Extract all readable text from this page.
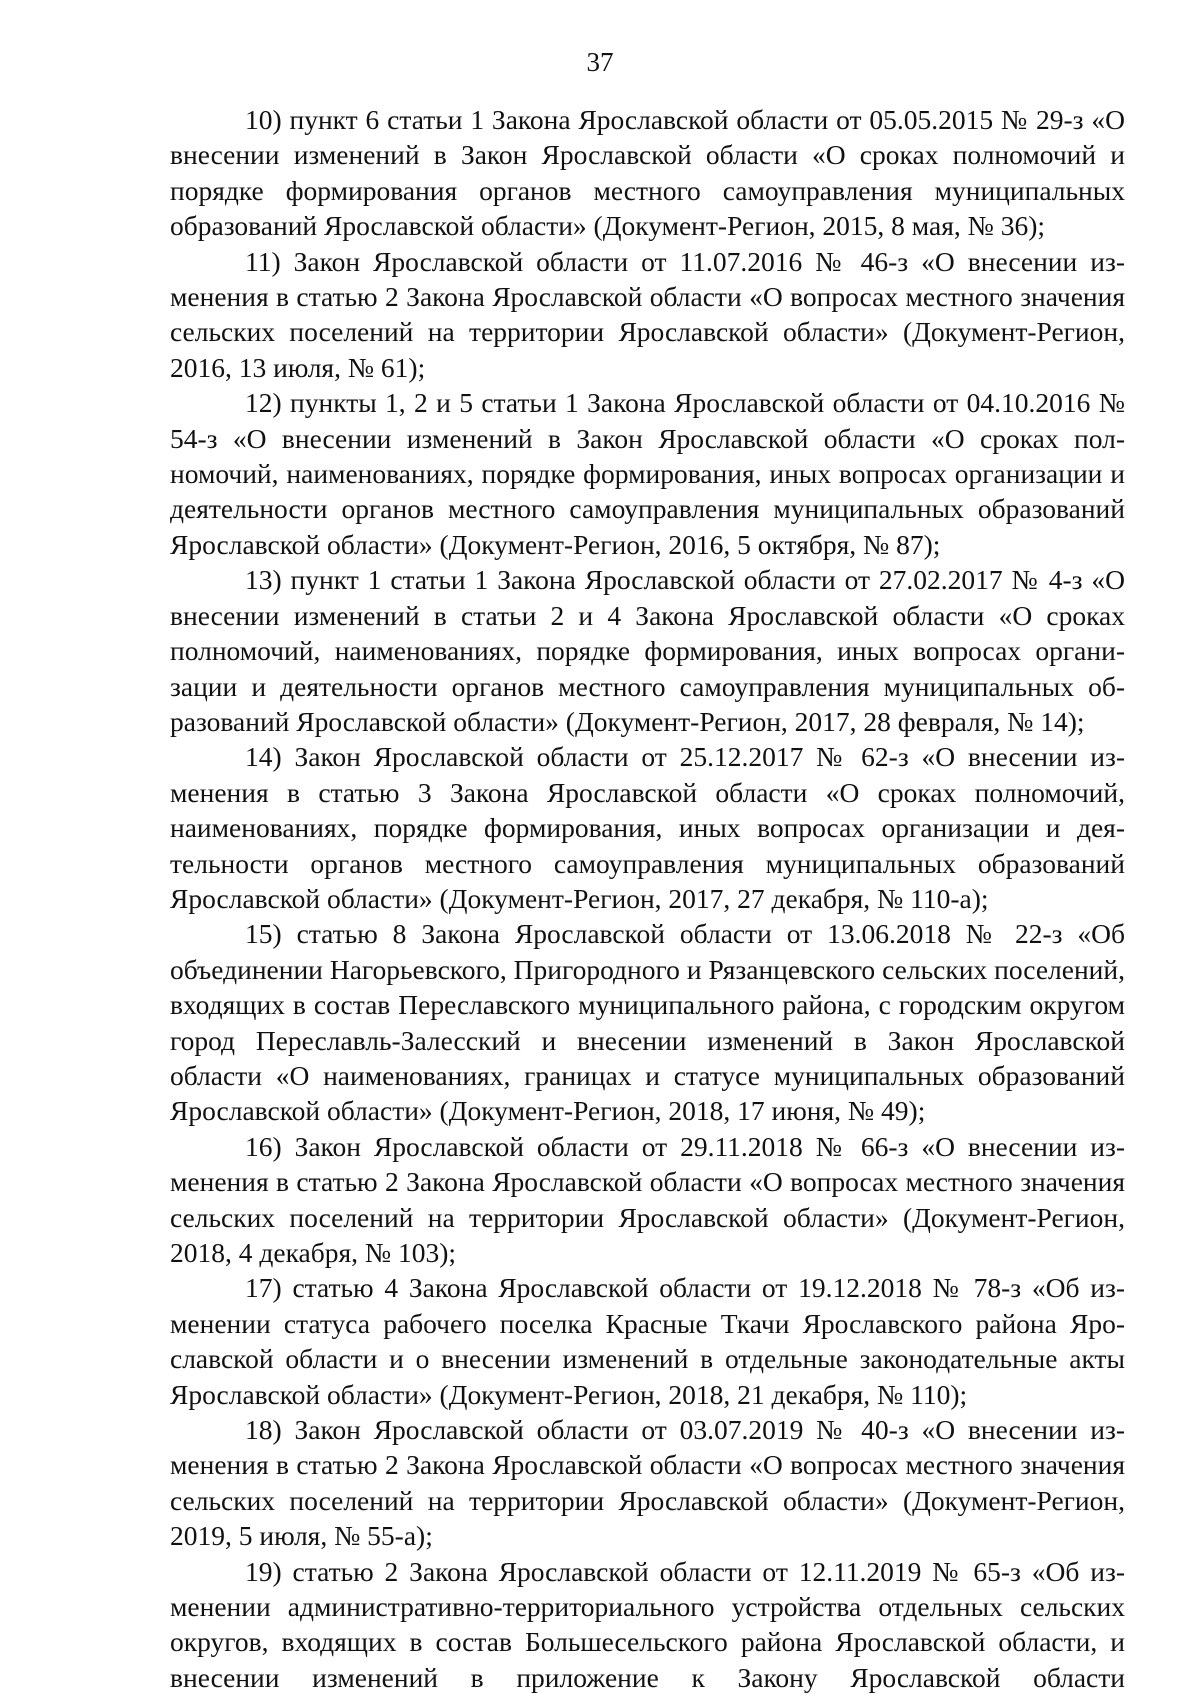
37

10) пункт 6 статьи 1 Закона Ярославской области от 05.05.2015 № 29-з «О внесении изменений в Закон Ярославской области «О сроках полномочий и порядке формирования органов местного самоуправления муниципальных образований Ярославской области» (Документ-Регион, 2015, 8 мая, № 36);

11) Закон Ярославской области от 11.07.2016 № 46-з «О внесении изменения в статью 2 Закона Ярославской области «О вопросах местного значения сельских поселений на территории Ярославской области» (Документ-Регион, 2016, 13 июля, № 61);

12) пункты 1, 2 и 5 статьи 1 Закона Ярославской области от 04.10.2016 № 54-з «О внесении изменений в Закон Ярославской области «О сроках полномочий, наименованиях, порядке формирования, иных вопросах организации и деятельности органов местного самоуправления муниципальных образований Ярославской области» (Документ-Регион, 2016, 5 октября, № 87);

13) пункт 1 статьи 1 Закона Ярославской области от 27.02.2017 № 4-з «О внесении изменений в статьи 2 и 4 Закона Ярославской области «О сроках полномочий, наименованиях, порядке формирования, иных вопросах организации и деятельности органов местного самоуправления муниципальных образований Ярославской области» (Документ-Регион, 2017, 28 февраля, № 14);

14) Закон Ярославской области от 25.12.2017 № 62-з «О внесении изменения в статью 3 Закона Ярославской области «О сроках полномочий, наименованиях, порядке формирования, иных вопросах организации и деятельности органов местного самоуправления муниципальных образований Ярославской области» (Документ-Регион, 2017, 27 декабря, № 110-а);

15) статью 8 Закона Ярославской области от 13.06.2018 № 22-з «Об объединении Нагорьевского, Пригородного и Рязанцевского сельских поселений, входящих в состав Переславского муниципального района, с городским округом город Переславль-Залесский и внесении изменений в Закон Ярославской области «О наименованиях, границах и статусе муниципальных образований Ярославской области» (Документ-Регион, 2018, 17 июня, № 49);

16) Закон Ярославской области от 29.11.2018 № 66-з «О внесении изменения в статью 2 Закона Ярославской области «О вопросах местного значения сельских поселений на территории Ярославской области» (Документ-Регион, 2018, 4 декабря, № 103);

17) статью 4 Закона Ярославской области от 19.12.2018 № 78-з «Об изменении статуса рабочего поселка Красные Ткачи Ярославского района Ярославской области и о внесении изменений в отдельные законодательные акты Ярославской области» (Документ-Регион, 2018, 21 декабря, № 110);

18) Закон Ярославской области от 03.07.2019 № 40-з «О внесении изменения в статью 2 Закона Ярославской области «О вопросах местного значения сельских поселений на территории Ярославской области» (Документ-Регион, 2019, 5 июля, № 55-а);

19) статью 2 Закона Ярославской области от 12.11.2019 № 65-з «Об изменении административно-территориального устройства отдельных сельских округов, входящих в состав Большесельского района Ярославской области, и внесении изменений в приложение к Закону Ярославской области
